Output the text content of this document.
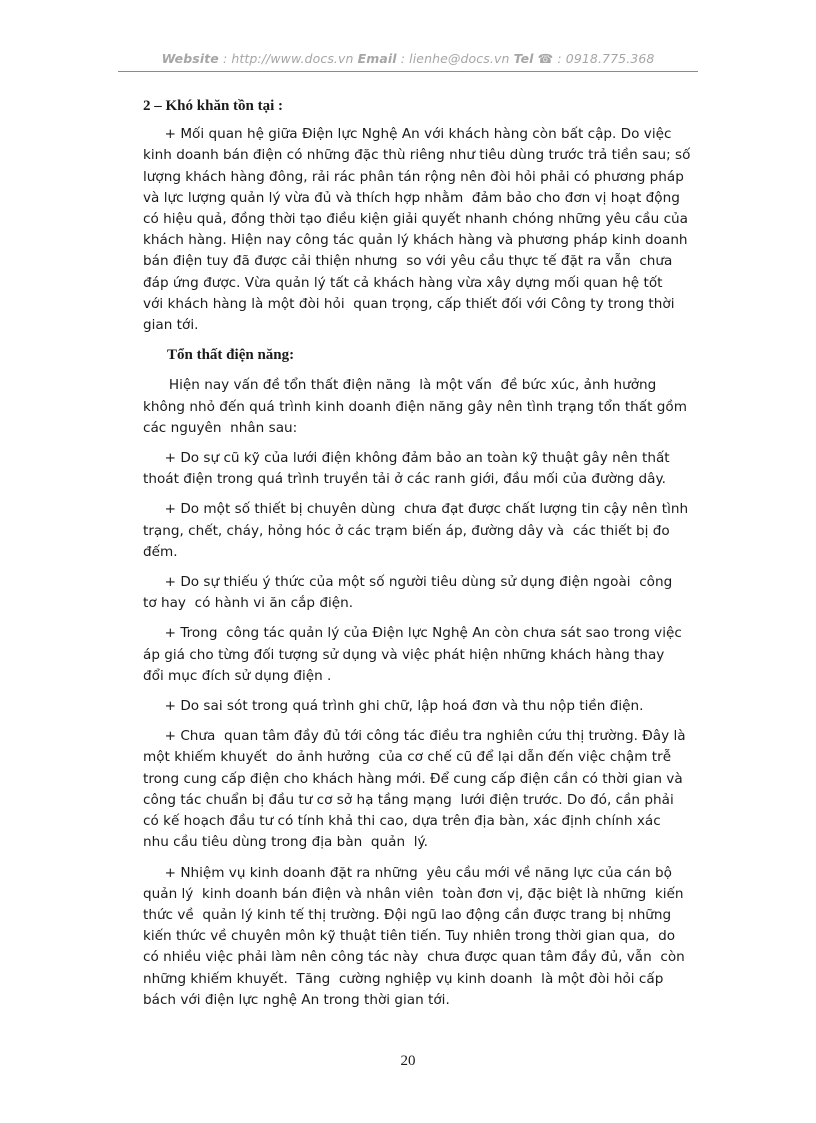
Website : http://www.docs.vn Email : lienhe@docs.vn Tel ☎ : 0918.775.368
2 – Khó khăn tồn tại :
+ Mối quan hệ giữa Điện lực Nghệ An với khách hàng còn bất cập. Do việc
kinh doanh bán điện có những đặc thù riêng như tiêu dùng trước trả tiền sau; số
lượng khách hàng đông, rải rác phân tán rộng nên đòi hỏi phải có phương pháp
và lực lượng quản lý vừa đủ và thích hợp nhằm  đảm bảo cho đơn vị hoạt động
có hiệu quả, đồng thời tạo điều kiện giải quyết nhanh chóng những yêu cầu của
khách hàng. Hiện nay công tác quản lý khách hàng và phương pháp kinh doanh
bán điện tuy đã được cải thiện nhưng  so với yêu cầu thực tế đặt ra vẫn  chưa
đáp ứng được. Vừa quản lý tất cả khách hàng vừa xây dựng mối quan hệ tốt
với khách hàng là một đòi hỏi  quan trọng, cấp thiết đối với Công ty trong thời
gian tới.
Tổn thất điện năng:
Hiện nay vấn đề tổn thất điện năng  là một vấn  đề bức xúc, ảnh hưởng
không nhỏ đến quá trình kinh doanh điện năng gây nên tình trạng tổn thất gồm
các nguyên  nhân sau:
+ Do sự cũ kỹ của lưới điện không đảm bảo an toàn kỹ thuật gây nên thất
thoát điện trong quá trình truyền tải ở các ranh giới, đầu mối của đường dây.
+ Do một số thiết bị chuyên dùng  chưa đạt được chất lượng tin cậy nên tình
trạng, chết, cháy, hỏng hóc ở các trạm biến áp, đường dây và  các thiết bị đo
đếm.
+ Do sự thiếu ý thức của một số người tiêu dùng sử dụng điện ngoài  công
tơ hay  có hành vi ăn cắp điện.
+ Trong  công tác quản lý của Điện lực Nghệ An còn chưa sát sao trong việc
áp giá cho từng đối tượng sử dụng và việc phát hiện những khách hàng thay
đổi mục đích sử dụng điện .
+ Do sai sót trong quá trình ghi chữ, lập hoá đơn và thu nộp tiền điện.
+ Chưa  quan tâm đầy đủ tới công tác điều tra nghiên cứu thị trường. Đây là
một khiếm khuyết  do ảnh hưởng  của cơ chế cũ để lại dẫn đến việc chậm trễ
trong cung cấp điện cho khách hàng mới. Để cung cấp điện cần có thời gian và
công tác chuẩn bị đầu tư cơ sở hạ tầng mạng  lưới điện trước. Do đó, cần phải
có kế hoạch đầu tư có tính khả thi cao, dựa trên địa bàn, xác định chính xác
nhu cầu tiêu dùng trong địa bàn  quản  lý.
+ Nhiệm vụ kinh doanh đặt ra những  yêu cầu mới về năng lực của cán bộ
quản lý  kinh doanh bán điện và nhân viên  toàn đơn vị, đặc biệt là những  kiến
thức về  quản lý kinh tế thị trường. Đội ngũ lao động cần được trang bị những
kiến thức về chuyên môn kỹ thuật tiên tiến. Tuy nhiên trong thời gian qua,  do
có nhiều việc phải làm nên công tác này  chưa được quan tâm đầy đủ, vẫn  còn
những khiếm khuyết.  Tăng  cường nghiệp vụ kinh doanh  là một đòi hỏi cấp
bách với điện lực nghệ An trong thời gian tới.
20
